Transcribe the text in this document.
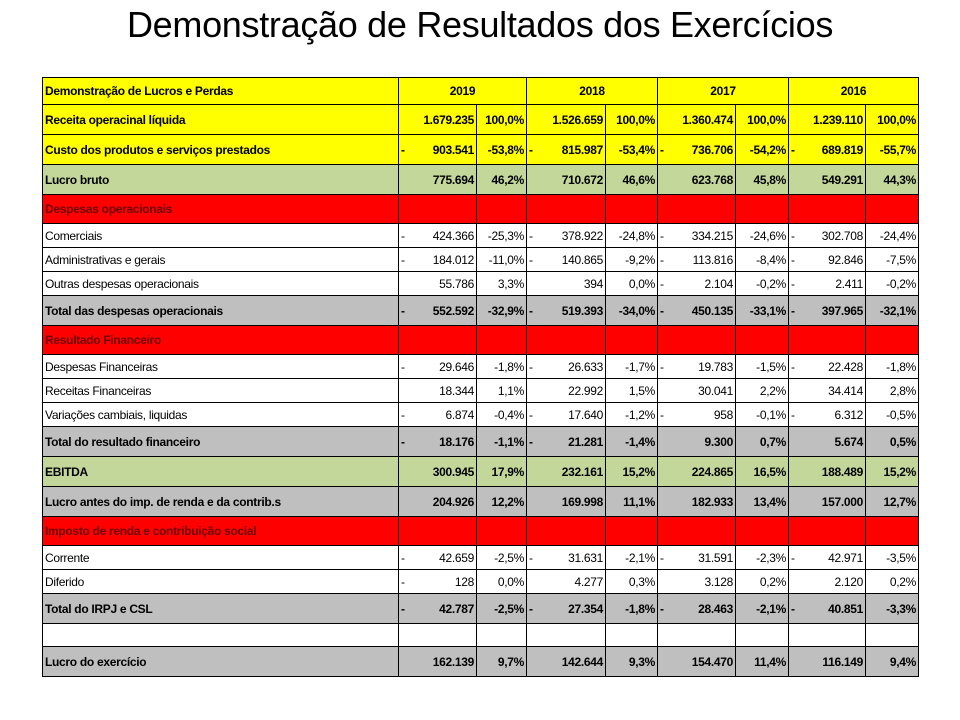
Demonstração de Resultados dos Exercícios
Demonstração de Lucros e Perdas	2019		2018		2017		2016	
Receita operacinal líquida	1.679.235	100,0%	1.526.659	100,0%	1.360.474	100,0%	1.239.110	100,0%
Custo dos produtos e serviços prestados	- 903.541	-53,8%	- 815.987	-53,4%	- 736.706	-54,2%	- 689.819	-55,7%
Lucro bruto	775.694	46,2%	710.672	46,6%	623.768	45,8%	549.291	44,3%
Despesas operacionais	

Comerciais	- 424.366	-25,3%	- 378.922	-24,8%	- 334.215	-24,6%	- 302.708	-24,4%
Administrativas e gerais	- 184.012	-11,0%	- 140.865	-9,2%	- 113.816	-8,4%	- 92.846	-7,5%
Outras despesas operacionais	55.786	3,3%	394	0,0%	- 2.104	-0,2%	- 2.411	-0,2%
Total das despesas operacionais	- 552.592	-32,9%	- 519.393	-34,0%	- 450.135	-33,1%	- 397.965	-32,1%
Resultado Financeiro	

Despesas Financeiras	- 29.646	-1,8%	- 26.633	-1,7%	- 19.783	-1,5%	- 22.428	-1,8%
Receitas Financeiras	18.344	1,1%	22.992	1,5%	30.041	2,2%	34.414	2,8%
Variações cambiais, liquidas	- 6.874	-0,4%	- 17.640	-1,2%	- 958	-0,1%	- 6.312	-0,5%
Total do resultado financeiro	- 18.176	-1,1%	- 21.281	-1,4%	9.300	0,7%	5.674	0,5%
EBITDA	300.945	17,9%	232.161	15,2%	224.865	16,5%	188.489	15,2%
Lucro antes do imp. de renda e da contrib.s	204.926	12,2%	169.998	11,1%	182.933	13,4%	157.000	12,7%
Imposto de renda e contribuição social	

Corrente	- 42.659	-2,5%	- 31.631	-2,1%	- 31.591	-2,3%	- 42.971	-3,5%
Diferido	- 128	0,0%	4.277	0,3%	3.128	0,2%	2.120	0,2%
Total do IRPJ e CSL	- 42.787	-2,5%	- 27.354	-1,8%	- 28.463	-2,1%	- 40.851	-3,3%

Lucro do exercício	162.139	9,7%	142.644	9,3%	154.470	11,4%	116.149	9,4%
